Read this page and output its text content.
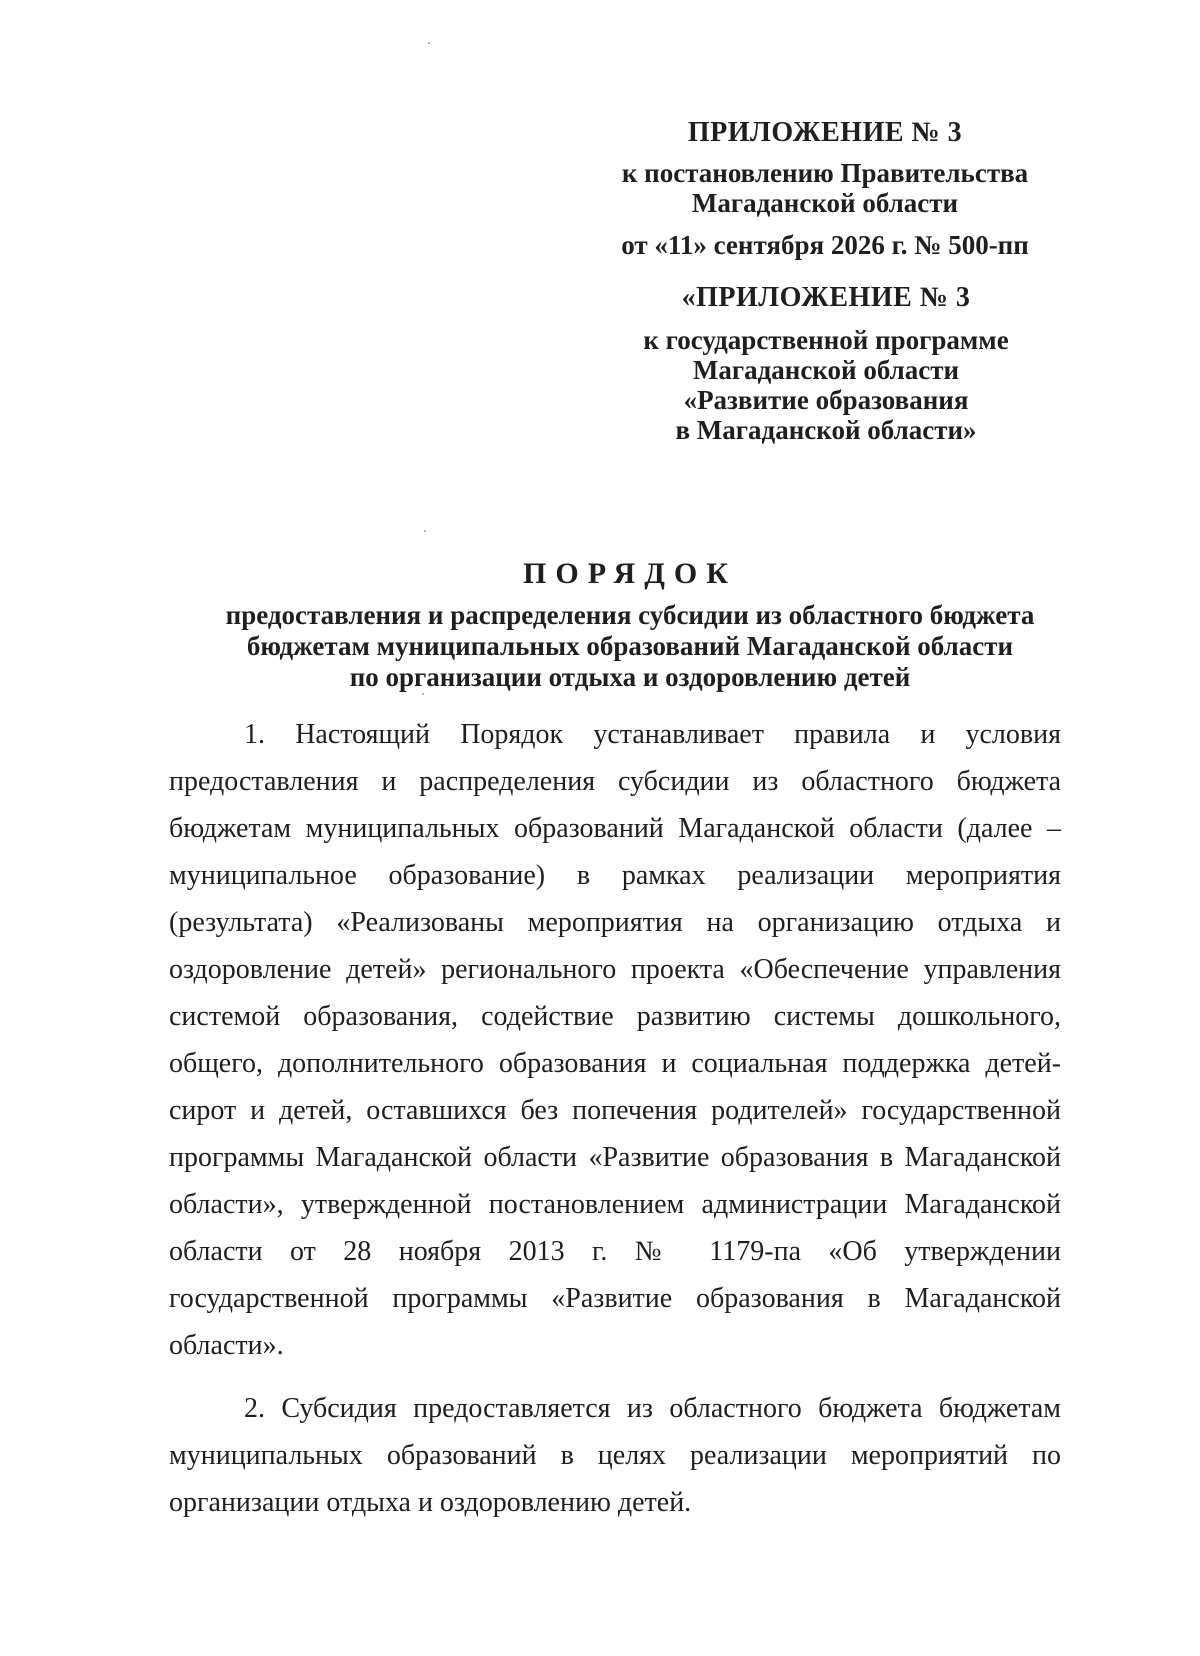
ПРИЛОЖЕНИЕ № 3
к постановлению Правительства
Магаданской области
от «11» сентября 2026 г. № 500-пп
«ПРИЛОЖЕНИЕ № 3
к государственной программе
Магаданской области
«Развитие образования
в Магаданской области»
ПОРЯДОК
предоставления и распределения субсидии из областного бюджета
бюджетам муниципальных образований Магаданской области
по организации отдыха и оздоровлению детей

1. Настоящий Порядок устанавливает правила и условия предоставления и распределения субсидии из областного бюджета бюджетам муниципальных образований Магаданской области (далее – муниципальное образование) в рамках реализации мероприятия (результата) «Реализованы мероприятия на организацию отдыха и оздоровление детей» регионального проекта «Обеспечение управления системой образования, содействие развитию системы дошкольного, общего, дополнительного образования и социальная поддержка детей-сирот и детей, оставшихся без попечения родителей» государственной программы Магаданской области «Развитие образования в Магаданской области», утвержденной постановлением администрации Магаданской области от 28 ноября 2013 г. № 1179-па «Об утверждении государственной программы «Развитие образования в Магаданской области».

2. Субсидия предоставляется из областного бюджета бюджетам муниципальных образований в целях реализации мероприятий по организации отдыха и оздоровлению детей.
